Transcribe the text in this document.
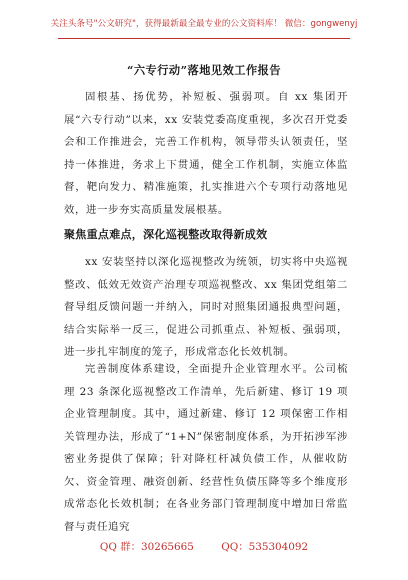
关注头条号"公文研究"，获得最新最全最专业的公文资料库！ 微信：gongwenyj
“六专行动”落地见效工作报告
固根基、扬优势，补短板、强弱项。自 xx 集团开展“六专行动”以来，xx 安装党委高度重视，多次召开党委会和工作推进会，完善工作机构，领导带头认领责任，坚持一体推进，务求上下贯通，健全工作机制，实施立体监督，靶向发力、精准施策，扎实推进六个专项行动落地见效，进一步夯实高质量发展根基。
聚焦重点难点，深化巡视整改取得新成效
xx 安装坚持以深化巡视整改为统领，切实将中央巡视整改、低效无效资产治理专项巡视整改、xx 集团党组第二督导组反馈问题一并纳入，同时对照集团通报典型问题，结合实际举一反三，促进公司抓重点、补短板、强弱项，进一步扎牢制度的笼子，形成常态化长效机制。
完善制度体系建设，全面提升企业管理水平。公司梳理 23 条深化巡视整改工作清单，先后新建、修订 19 项企业管理制度。其中，通过新建、修订 12 项保密工作相关管理办法，形成了“1+N”保密制度体系，为开拓涉军涉密业务提供了保障；针对降杠杆减负债工作，从催收防欠、资金管理、融资创新、经营性负债压降等多个维度形成常态化长效机制；在各业务部门管理制度中增加日常监督与责任追究
QQ 群：30265665	QQ：535304092
